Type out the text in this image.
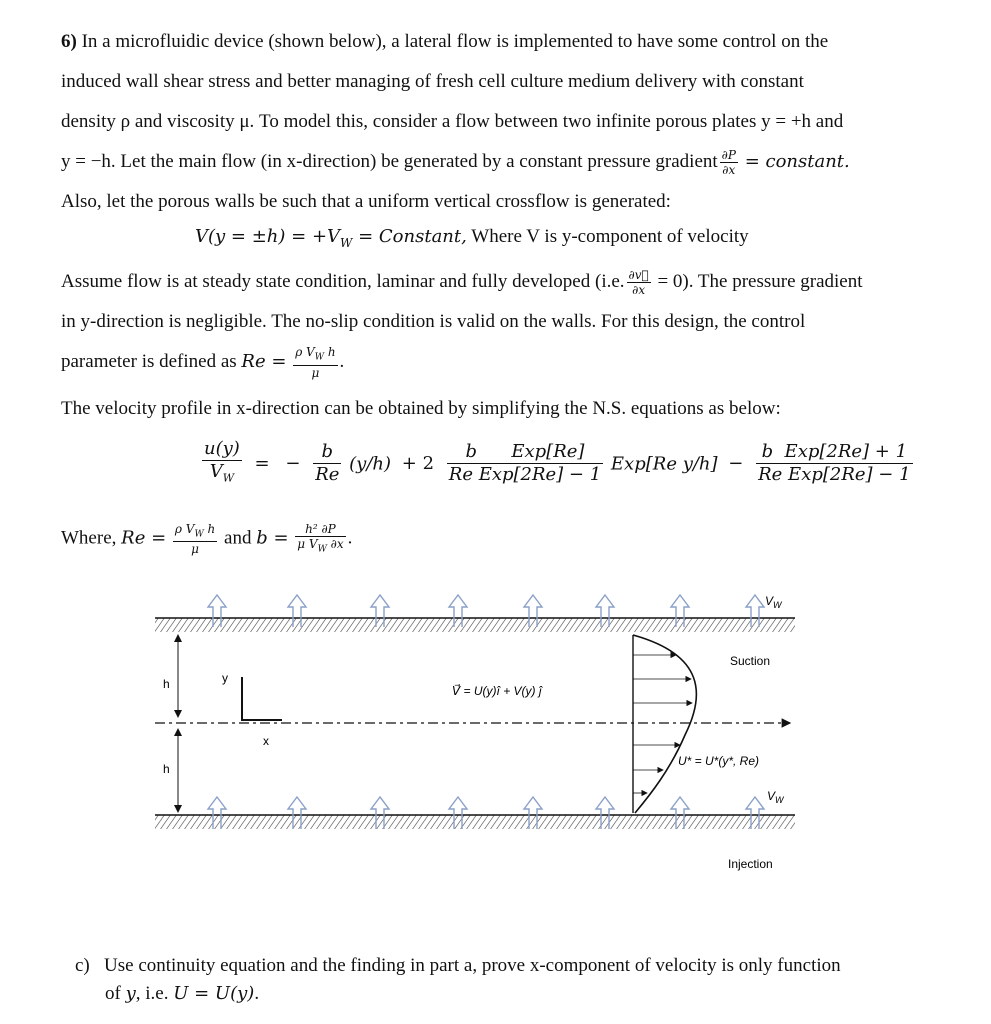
6) In a microfluidic device (shown below), a lateral flow is implemented to have some control on the

induced wall shear stress and better managing of fresh cell culture medium delivery with constant

density ρ and viscosity μ. To model this, consider a flow between two infinite porous plates y = +h and

y = −h. Let the main flow (in x-direction) be generated by a constant pressure gradient $\frac{\partial P}{\partial x}$ = constant.

Also, let the porous walls be such that a uniform vertical crossflow is generated:

$V(y = \pm h) = +V_W$ = Constant, Where V is y-component of velocity

Assume flow is at steady state condition, laminar and fully developed (i.e. $\frac{\partial v⃗}{\partial x} = 0$). The pressure gradient

in y-direction is negligible. The no-slip condition is valid on the walls. For this design, the control

parameter is defined as $Re = \frac{\rho V_W h}{\mu}$ .

The velocity profile in x-direction can be obtained by simplifying the N.S. equations as below:
$\frac{u(y)}{V_W}$ = − $\frac{b}{Re} (y/h) + 2 \frac{\text{b      Exp[Re]}}{\text{Re Exp[2Re] − 1}} Exp[Re$ $y/h] - \frac{\text{b  Exp[2Re] + 1}}{\text{Re Exp[2Re] − 1}}$
Where, $Re = \frac{\rho V_W h}{\mu}$ and $b = \frac{\text{h² ∂P}}{\mu V_W \partial x}$ .
$V_W$
Suction
h
h
y
x
V⃗ = U(y)î + V(y) ĵ
U* = U*(y*, Re)
$V_W$
Injection
c) Use continuity equation and the finding in part a, prove x-component of velocity is only function
of y, i.e. U = U(y).
